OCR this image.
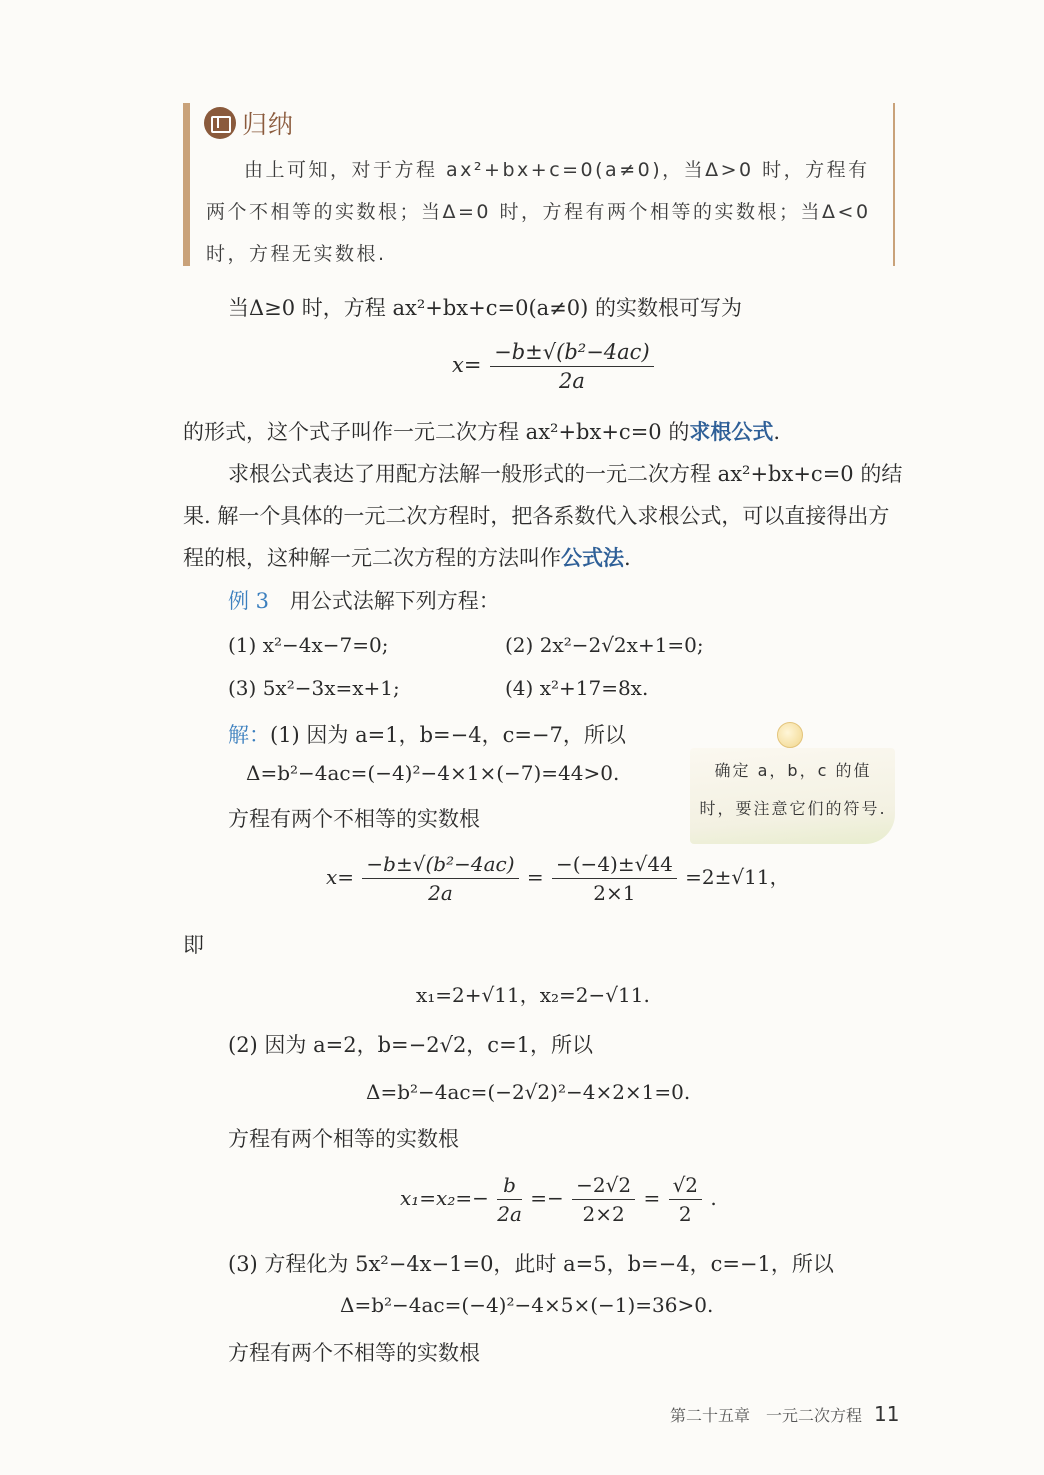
归纳

由上可知，对于方程 ax²+bx+c=0(a≠0)，当Δ>0 时，方程有两个不相等的实数根；当Δ=0 时，方程有两个相等的实数根；当Δ<0 时，方程无实数根.

当Δ≥0 时，方程 ax²+bx+c=0(a≠0) 的实数根可写为
$x= \frac{\text{−b±√(b²−4ac)}}{2a}$
的形式，这个式子叫作一元二次方程 ax²+bx+c=0 的求根公式.
求根公式表达了用配方法解一般形式的一元二次方程 ax²+bx+c=0 的结
果. 解一个具体的一元二次方程时，把各系数代入求根公式，可以直接得出方
程的根，这种解一元二次方程的方法叫作公式法.
例 3 用公式法解下列方程：
(1) x²−4x−7=0;	(2) 2x²−2√2x+1=0;
(3) 5x²−3x=x+1;	(4) x²+17=8x.
解：(1) 因为 a=1，b=−4，c=−7，所以
Δ=b²−4ac=(−4)²−4×1×(−7)=44>0.
方程有两个不相等的实数根
$x= \frac{\text{−b±√(b²−4ac)}}{2a} = \frac{-(-4)\pm√44}{2\times 1} =2\pm√11$，
即
x₁=2+√11，x₂=2−√11.
(2) 因为 a=2，b=−2√2，c=1，所以
Δ=b²−4ac=(−2√2)²−4×2×1=0.
方程有两个相等的实数根
$x_1=x_2=- \frac{b}{2a} =- \frac{-2√2}{2\times 2} = \frac{√2}{2}$ .
(3) 方程化为 5x²−4x−1=0，此时 a=5，b=−4，c=−1，所以
Δ=b²−4ac=(−4)²−4×5×(−1)=36>0.
方程有两个不相等的实数根
确定 a，b，c 的值时，要注意它们的符号.
第二十五章　一元二次方程 11
